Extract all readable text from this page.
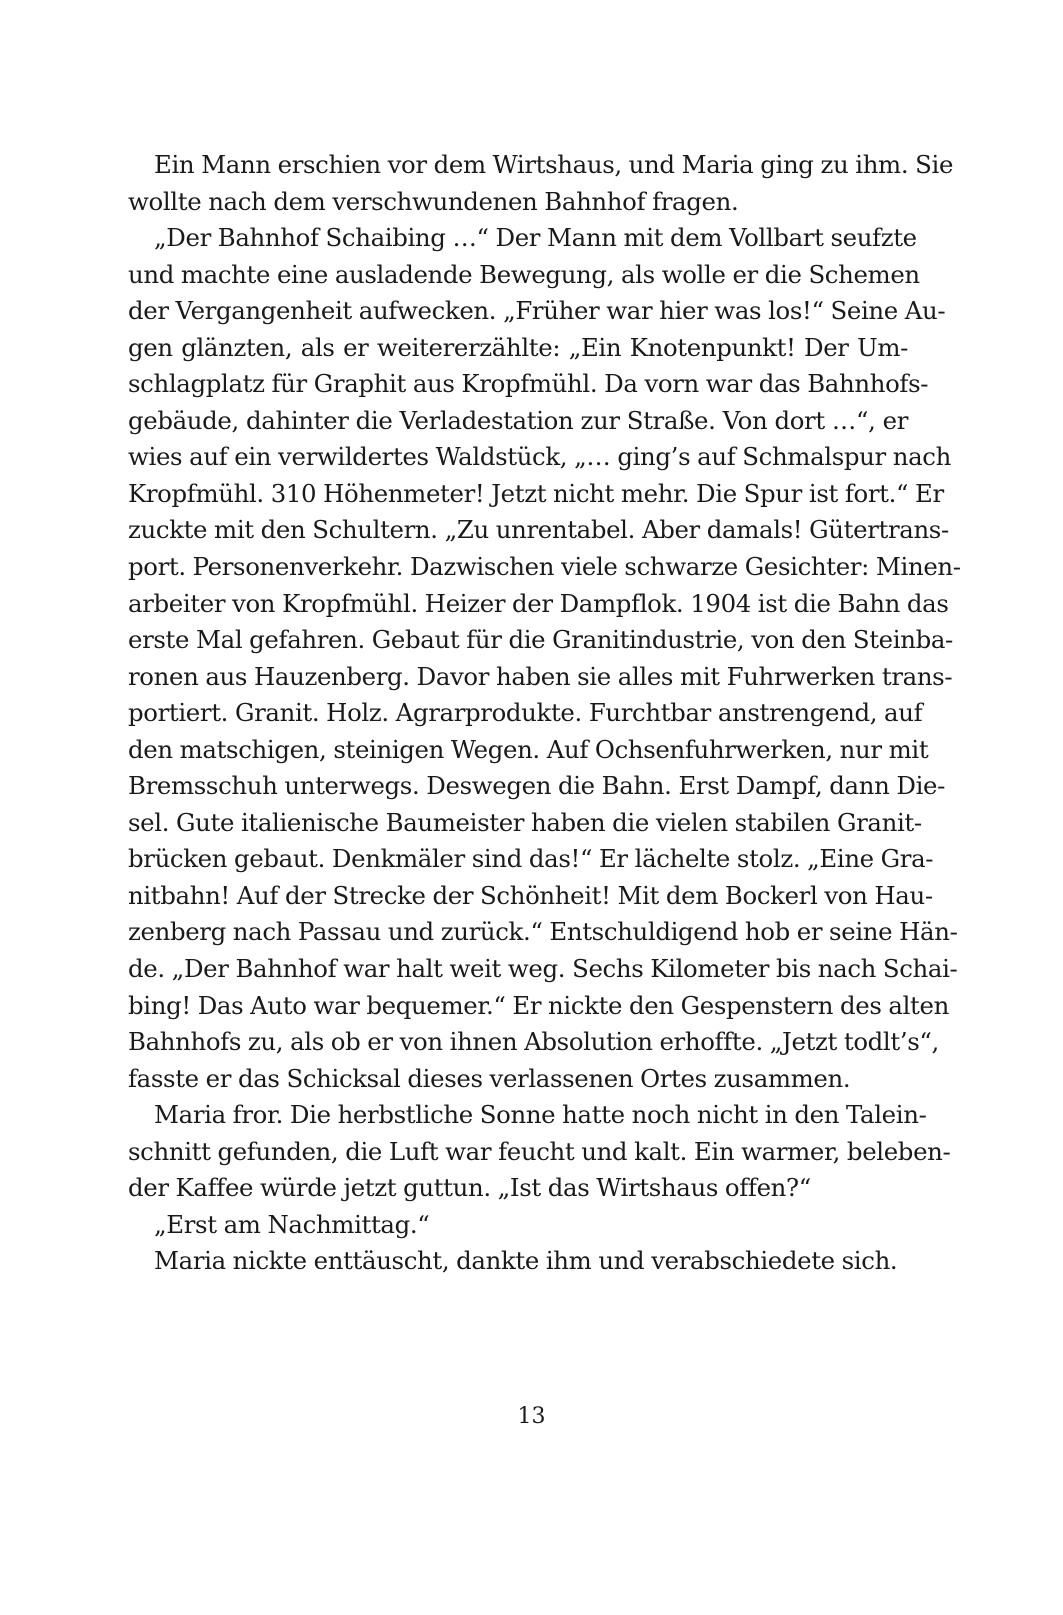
Ein Mann erschien vor dem Wirtshaus, und Maria ging zu ihm. Sie
wollte nach dem verschwundenen Bahnhof fragen.
„Der Bahnhof Schaibing …“ Der Mann mit dem Vollbart seufzte
und machte eine ausladende Bewegung, als wolle er die Schemen
der Vergangenheit aufwecken. „Früher war hier was los!“ Seine Au-
gen glänzten, als er weitererzählte: „Ein Knotenpunkt! Der Um-
schlagplatz für Graphit aus Kropfmühl. Da vorn war das Bahnhofs-
gebäude, dahinter die Verladestation zur Straße. Von dort …“, er
wies auf ein verwildertes Waldstück, „… ging’s auf Schmalspur nach
Kropfmühl. 310 Höhenmeter! Jetzt nicht mehr. Die Spur ist fort.“ Er
zuckte mit den Schultern. „Zu unrentabel. Aber damals! Gütertrans-
port. Personenverkehr. Dazwischen viele schwarze Gesichter: Minen-
arbeiter von Kropfmühl. Heizer der Dampflok. 1904 ist die Bahn das
erste Mal gefahren. Gebaut für die Granitindustrie, von den Steinba-
ronen aus Hauzenberg. Davor haben sie alles mit Fuhrwerken trans-
portiert. Granit. Holz. Agrarprodukte. Furchtbar anstrengend, auf
den matschigen, steinigen Wegen. Auf Ochsenfuhrwerken, nur mit
Bremsschuh unterwegs. Deswegen die Bahn. Erst Dampf, dann Die-
sel. Gute italienische Baumeister haben die vielen stabilen Granit-
brücken gebaut. Denkmäler sind das!“ Er lächelte stolz. „Eine Gra-
nitbahn! Auf der Strecke der Schönheit! Mit dem Bockerl von Hau-
zenberg nach Passau und zurück.“ Entschuldigend hob er seine Hän-
de. „Der Bahnhof war halt weit weg. Sechs Kilometer bis nach Schai-
bing! Das Auto war bequemer.“ Er nickte den Gespenstern des alten
Bahnhofs zu, als ob er von ihnen Absolution erhoffte. „Jetzt todlt’s“,
fasste er das Schicksal dieses verlassenen Ortes zusammen.
Maria fror. Die herbstliche Sonne hatte noch nicht in den Talein-
schnitt gefunden, die Luft war feucht und kalt. Ein warmer, beleben-
der Kaffee würde jetzt guttun. „Ist das Wirtshaus offen?“
„Erst am Nachmittag.“
Maria nickte enttäuscht, dankte ihm und verabschiedete sich.
13
